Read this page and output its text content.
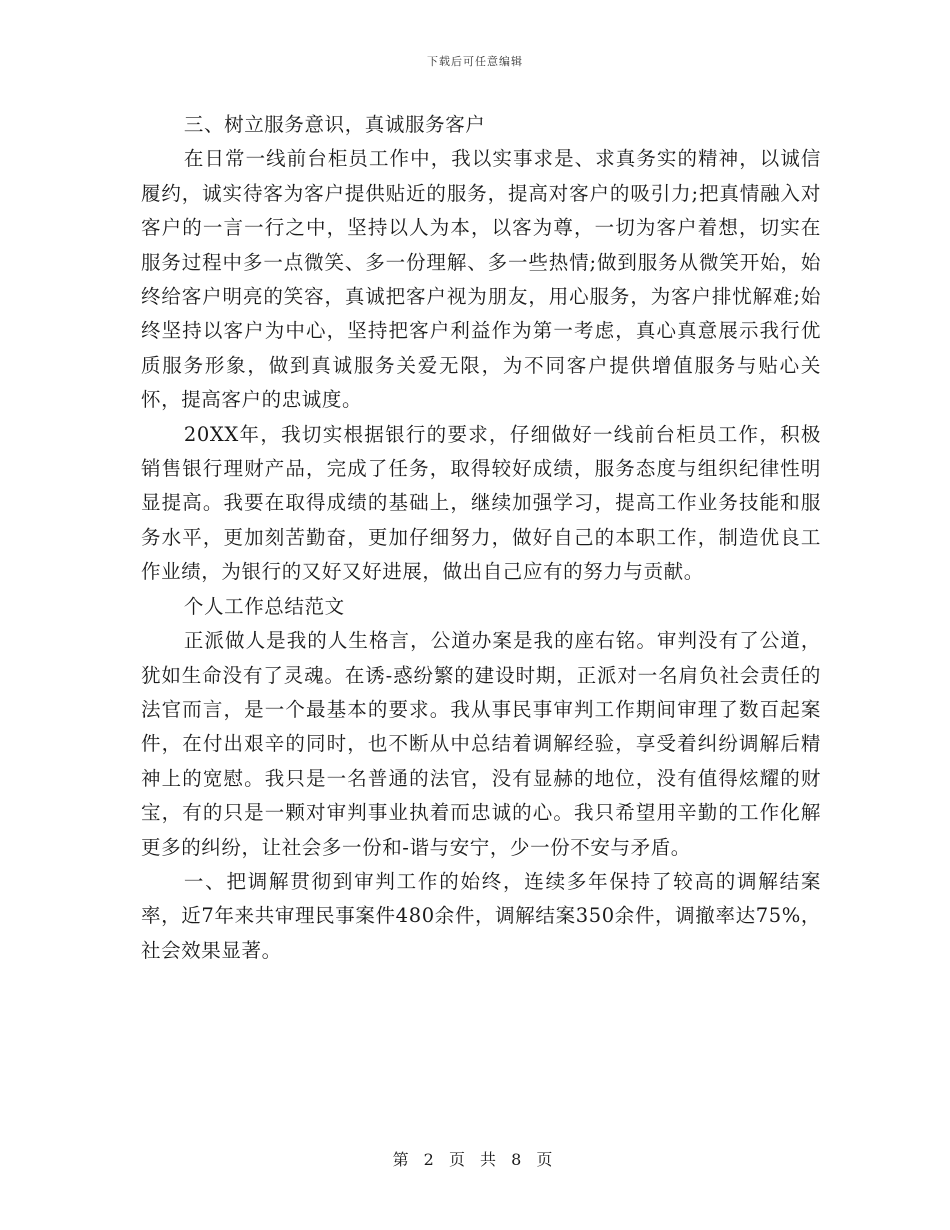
下载后可任意编辑

三、树立服务意识，真诚服务客户

在日常一线前台柜员工作中，我以实事求是、求真务实的精神，以诚信履约，诚实待客为客户提供贴近的服务，提高对客户的吸引力;把真情融入对客户的一言一行之中，坚持以人为本，以客为尊，一切为客户着想，切实在服务过程中多一点微笑、多一份理解、多一些热情;做到服务从微笑开始，始终给客户明亮的笑容，真诚把客户视为朋友，用心服务，为客户排忧解难;始终坚持以客户为中心，坚持把客户利益作为第一考虑，真心真意展示我行优质服务形象，做到真诚服务关爱无限，为不同客户提供增值服务与贴心关怀，提高客户的忠诚度。

20XX年，我切实根据银行的要求，仔细做好一线前台柜员工作，积极销售银行理财产品，完成了任务，取得较好成绩，服务态度与组织纪律性明显提高。我要在取得成绩的基础上，继续加强学习，提高工作业务技能和服务水平，更加刻苦勤奋，更加仔细努力，做好自己的本职工作，制造优良工作业绩，为银行的又好又好进展，做出自己应有的努力与贡献。

个人工作总结范文

正派做人是我的人生格言，公道办案是我的座右铭。审判没有了公道，犹如生命没有了灵魂。在诱-惑纷繁的建设时期，正派对一名肩负社会责任的法官而言，是一个最基本的要求。我从事民事审判工作期间审理了数百起案件，在付出艰辛的同时，也不断从中总结着调解经验，享受着纠纷调解后精神上的宽慰。我只是一名普通的法官，没有显赫的地位，没有值得炫耀的财宝，有的只是一颗对审判事业执着而忠诚的心。我只希望用辛勤的工作化解更多的纠纷，让社会多一份和-谐与安宁，少一份不安与矛盾。

一、把调解贯彻到审判工作的始终，连续多年保持了较高的调解结案率，近7年来共审理民事案件480余件，调解结案350余件，调撤率达75%，社会效果显著。

第 2 页 共 8 页
